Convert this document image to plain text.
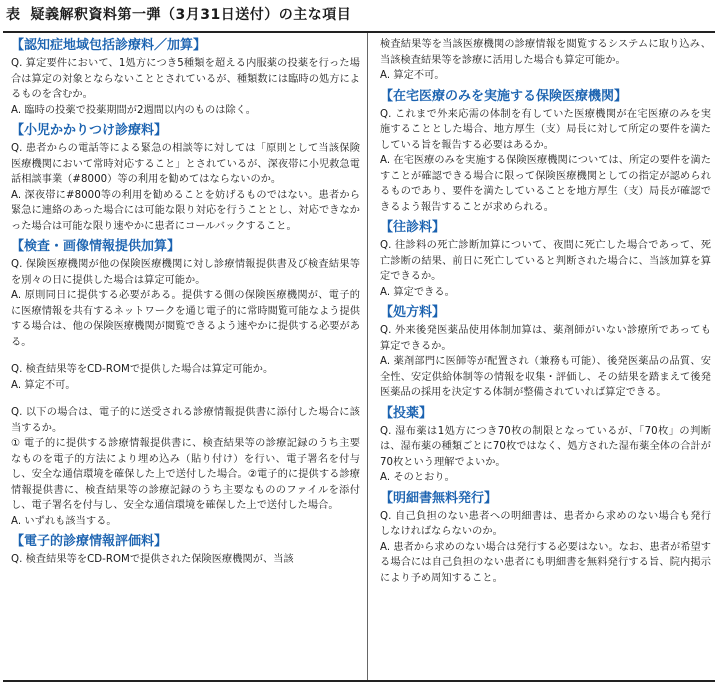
表 疑義解釈資料第一弾（3月31日送付）の主な項目
【認知症地域包括診療料／加算】

Q. 算定要件において、1処方につき5種類を超える内服薬の投薬を行った場合は算定の対象とならないこととされているが、種類数には臨時の処方によるものを含むか。

A. 臨時の投薬で投薬期間が2週間以内のものは除く。

【小児かかりつけ診療料】

Q. 患者からの電話等による緊急の相談等に対しては「原則として当該保険医療機関において常時対応すること」とされているが、深夜帯に小児救急電話相談事業（#8000）等の利用を勧めてはならないのか。

A. 深夜帯に#8000等の利用を勧めることを妨げるものではない。患者から緊急に連絡のあった場合には可能な限り対応を行うこととし、対応できなかった場合は可能な限り速やかに患者にコールバックすること。

【検査・画像情報提供加算】

Q. 保険医療機関が他の保険医療機関に対し診療情報提供書及び検査結果等を別々の日に提供した場合は算定可能か。

A. 原則同日に提供する必要がある。提供する側の保険医療機関が、電子的に医療情報を共有するネットワークを通じ電子的に常時閲覧可能なよう提供する場合は、他の保険医療機関が閲覧できるよう速やかに提供する必要がある。

Q. 検査結果等をCD-ROMで提供した場合は算定可能か。

A. 算定不可。

Q. 以下の場合は、電子的に送受される診療情報提供書に添付した場合に該当するか。

① 電子的に提供する診療情報提供書に、検査結果等の診療記録のうち主要なものを電子的方法により埋め込み（貼り付け）を行い、電子署名を付与し、安全な通信環境を確保した上で送付した場合。②電子的に提供する診療情報提供書に、検査結果等の診療記録のうち主要なもののファイルを添付し、電子署名を付与し、安全な通信環境を確保した上で送付した場合。

A. いずれも該当する。

【電子的診療情報評価料】

Q. 検査結果等をCD-ROMで提供された保険医療機関が、当該

検査結果等を当該医療機関の診療情報を閲覧するシステムに取り込み、当該検査結果等を診療に活用した場合も算定可能か。

A. 算定不可。

【在宅医療のみを実施する保険医療機関】

Q. これまで外来応需の体制を有していた医療機関が在宅医療のみを実施することとした場合、地方厚生（支）局長に対して所定の要件を満たしている旨を報告する必要はあるか。

A. 在宅医療のみを実施する保険医療機関については、所定の要件を満たすことが確認できる場合に限って保険医療機関としての指定が認められるものであり、要件を満たしていることを地方厚生（支）局長が確認できるよう報告することが求められる。

【往診料】

Q. 往診料の死亡診断加算について、夜間に死亡した場合であって、死亡診断の結果、前日に死亡していると判断された場合に、当該加算を算定できるか。

A. 算定できる。

【処方料】

Q. 外来後発医薬品使用体制加算は、薬剤師がいない診療所であっても算定できるか。

A. 薬剤部門に医師等が配置され（兼務も可能）、後発医薬品の品質、安全性、安定供給体制等の情報を収集・評価し、その結果を踏まえて後発医薬品の採用を決定する体制が整備されていれば算定できる。

【投薬】

Q. 湿布薬は1処方につき70枚の制限となっているが、「70枚」の判断は、湿布薬の種類ごとに70枚ではなく、処方された湿布薬全体の合計が70枚という理解でよいか。

A. そのとおり。

【明細書無料発行】

Q. 自己負担のない患者への明細書は、患者から求めのない場合も発行しなければならないのか。

A. 患者から求めのない場合は発行する必要はない。なお、患者が希望する場合には自己負担のない患者にも明細書を無料発行する旨、院内掲示により予め周知すること。
